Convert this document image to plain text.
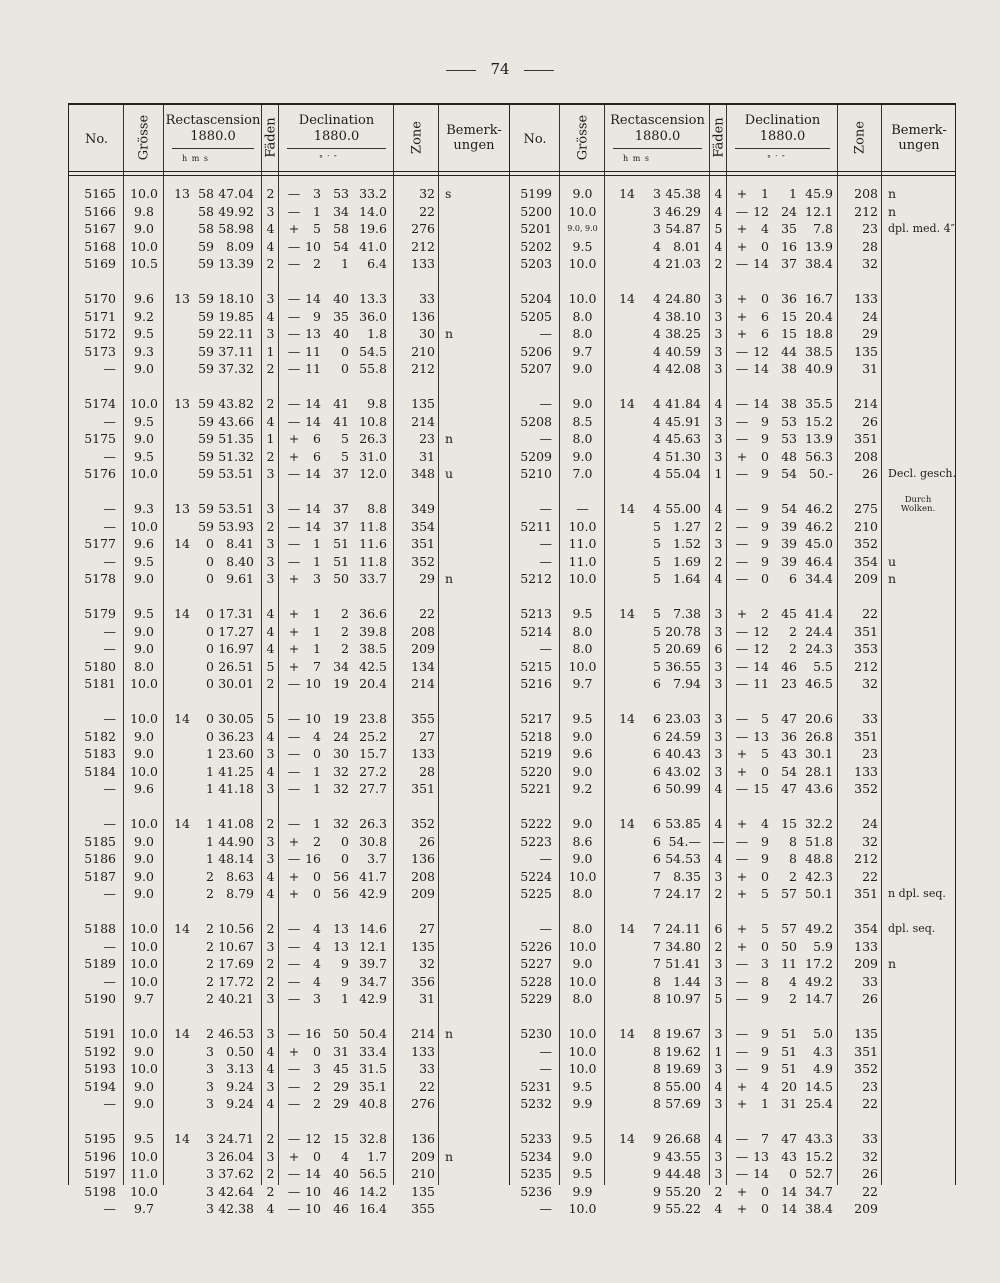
74
No.	Grösse Rectascension
1880.0
h m s
Fäden	Declination
1880.0
° ′ ″
Zone	Bemerk-
ungen
5165	10.0	13 58 47.04	2	—	3 53 33.2	32 s
5166	9.8	58 49.92	3	—	1 34 14.0	22
5167	9.0	58 58.98	4	+	5 58 19.6	276
5168	10.0	59 8.09	4	— 10 54 41.0	212
5169	10.5	59 13.39	2	—	2	1	6.4	133
5170	9.6	13 59 18.10	3	— 14 40 13.3	33
5171	9.2	59 19.85	4	—	9 35 36.0	136
5172	9.5	59 22.11	3	— 13 40	1.8	30 n
5173	9.3	59 37.11	1	— 11	0 54.5	210
—	9.0	59 37.32	2	— 11	0 55.8	212
5174	10.0	13 59 43.82	2	— 14 41	9.8	135
—	9.5	59 43.66	4	— 14 41 10.8	214
5175	9.0	59 51.35	1	+	6	5 26.3	23 n
—	9.5	59 51.32	2	+	6	5 31.0	31
5176	10.0	59 53.51	3	— 14 37 12.0	348 u
—	9.3	13 59 53.51	3	— 14 37	8.8	349
—	10.0	59 53.93	2	— 14 37 11.8	354
5177	9.6	14	0 8.41	3	—	1 51 11.6	351
—	9.5	0 8.40	3	—	1 51 11.8	352
5178	9.0	0 9.61	3	+	3 50 33.7	29 n
5179	9.5	14	0 17.31	4	+	1	2 36.6	22
—	9.0	0 17.27	4	+	1	2 39.8	208
—	9.0	0 16.97	4	+	1	2 38.5	209
5180	8.0	0 26.51	5	+	7 34 42.5	134
5181	10.0	0 30.01	2	— 10 19 20.4	214
—	10.0	14	0 30.05	5	— 10 19 23.8	355
5182	9.0	0 36.23	4	—	4 24 25.2	27
5183	9.0	1 23.60	3	—	0 30 15.7	133
5184	10.0	1 41.25	4	—	1 32 27.2	28
—	9.6	1 41.18	3	—	1 32 27.7	351
—	10.0	14	1 41.08	2	—	1 32 26.3	352
5185	9.0	1 44.90	3	+	2	0 30.8	26
5186	9.0	1 48.14	3	— 16	0	3.7	136
5187	9.0	2 8.63	4	+	0 56 41.7	208
—	9.0	2 8.79	4	+	0 56 42.9	209
5188	10.0	14	2 10.56	2	—	4 13 14.6	27
—	10.0	2 10.67	3	—	4 13 12.1	135
5189	10.0	2 17.69	2	—	4	9 39.7	32
—	10.0	2 17.72	2	—	4	9 34.7	356
5190	9.7	2 40.21	3	—	3	1 42.9	31
5191	10.0	14	2 46.53	3	— 16 50 50.4	214 n
5192	9.0	3 0.50	4	+	0 31 33.4	133
5193	10.0	3 3.13	4	—	3 45 31.5	33
5194	9.0	3 9.24	3	—	2 29 35.1	22
—	9.0	3 9.24	4	—	2 29 40.8	276
5195	9.5	14	3 24.71	2	— 12 15 32.8	136
5196	10.0	3 26.04	3	+	0	4	1.7	209 n
5197	11.0	3 37.62	2	— 14 40 56.5	210
5198	10.0	3 42.64	2	— 10 46 14.2	135
—	9.7	3 42.38	4	— 10 46 16.4	355
No.	Grösse	Rectascension
1880.0
h m s
Fäden	Declination
1880.0
° ′ ″
Zone	Bemerk-
ungen
5199	9.0	14	3 45.38	4	+	1	1 45.9	208 n
5200	10.0	3 46.29	4	— 12 24 12.1	212 n
5201	9.0, 9.0	3 54.87	5	+	4 35	7.8	23 dpl. med. 4″
5202	9.5	4 8.01	4	+	0 16 13.9	28
5203	10.0	4 21.03	2	— 14 37 38.4	32
5204	10.0	14	4 24.80	3	+	0 36 16.7	133
5205	8.0	4 38.10	3	+	6 15 20.4	24
—	8.0	4 38.25	3	+	6 15 18.8	29
5206	9.7	4 40.59	3	— 12 44 38.5	135
5207	9.0	4 42.08	3	— 14 38 40.9	31
—	9.0	14	4 41.84	4	— 14 38 35.5	214
5208	8.5	4 45.91	3	—	9 53 15.2	26
—	8.0	4 45.63	3	—	9 53 13.9	351
5209	9.0	4 51.30	3	+	0 48 56.3	208
5210	7.0	4 55.04	1	—	9 54 50.-	26 Decl. gesch.
—	—	14	4 55.00	4	—	9 54 46.2	275
Durch Wolken.
5211	10.0	5 1.27	2	—	9 39 46.2	210
—	11.0	5 1.52	3	—	9 39 45.0	352
—	11.0	5 1.69	2	—	9 39 46.4	354 u
5212	10.0	5 1.64	4	—	0	6 34.4	209 n
5213	9.5	14	5 7.38	3	+	2 45 41.4	22
5214	8.0	5 20.78	3	— 12	2 24.4	351
—	8.0	5 20.69	6	— 12	2 24.3	353
5215	10.0	5 36.55	3	— 14 46	5.5	212
5216	9.7	6 7.94	3	— 11 23 46.5	32
5217	9.5	14	6 23.03	3	—	5 47 20.6	33
5218	9.0	6 24.59	3	— 13 36 26.8	351
5219	9.6	6 40.43	3	+	5 43 30.1	23
5220	9.0	6 43.02	3	+	0 54 28.1	133
5221	9.2	6 50.99	4	— 15 47 43.6	352
5222	9.0	14	6 53.85	4	+	4 15 32.2	24
5223	8.6	6 54.— — —	9	8 51.8	32
—	9.0	6 54.53	4	—	9	8 48.8	212
5224	10.0	7 8.35	3	+	0	2 42.3	22
5225	8.0	7 24.17	2	+	5 57 50.1	351 n dpl. seq.
—	8.0	14	7 24.11	6	+	5 57 49.2	354 dpl. seq.
5226	10.0	7 34.80	2	+	0 50	5.9	133
5227	9.0	7 51.41	3	—	3 11 17.2	209 n
5228	10.0	8 1.44	3	—	8	4 49.2	33
5229	8.0	8 10.97	5	—	9	2 14.7	26
5230	10.0	14	8 19.67	3	—	9 51	5.0	135
—	10.0	8 19.62	1	—	9 51	4.3	351
—	10.0	8 19.69	3	—	9 51	4.9	352
5231	9.5	8 55.00	4	+	4 20 14.5	23
5232	9.9	8 57.69	3	+	1 31 25.4	22
5233	9.5	14	9 26.68	4	—	7 47 43.3	33
5234	9.0	9 43.55	3	— 13 43 15.2	32
5235	9.5	9 44.48	3	— 14	0 52.7	26
5236	9.9	9 55.20	2	+	0 14 34.7	22
—	10.0	9 55.22	4	+	0 14 38.4	209
